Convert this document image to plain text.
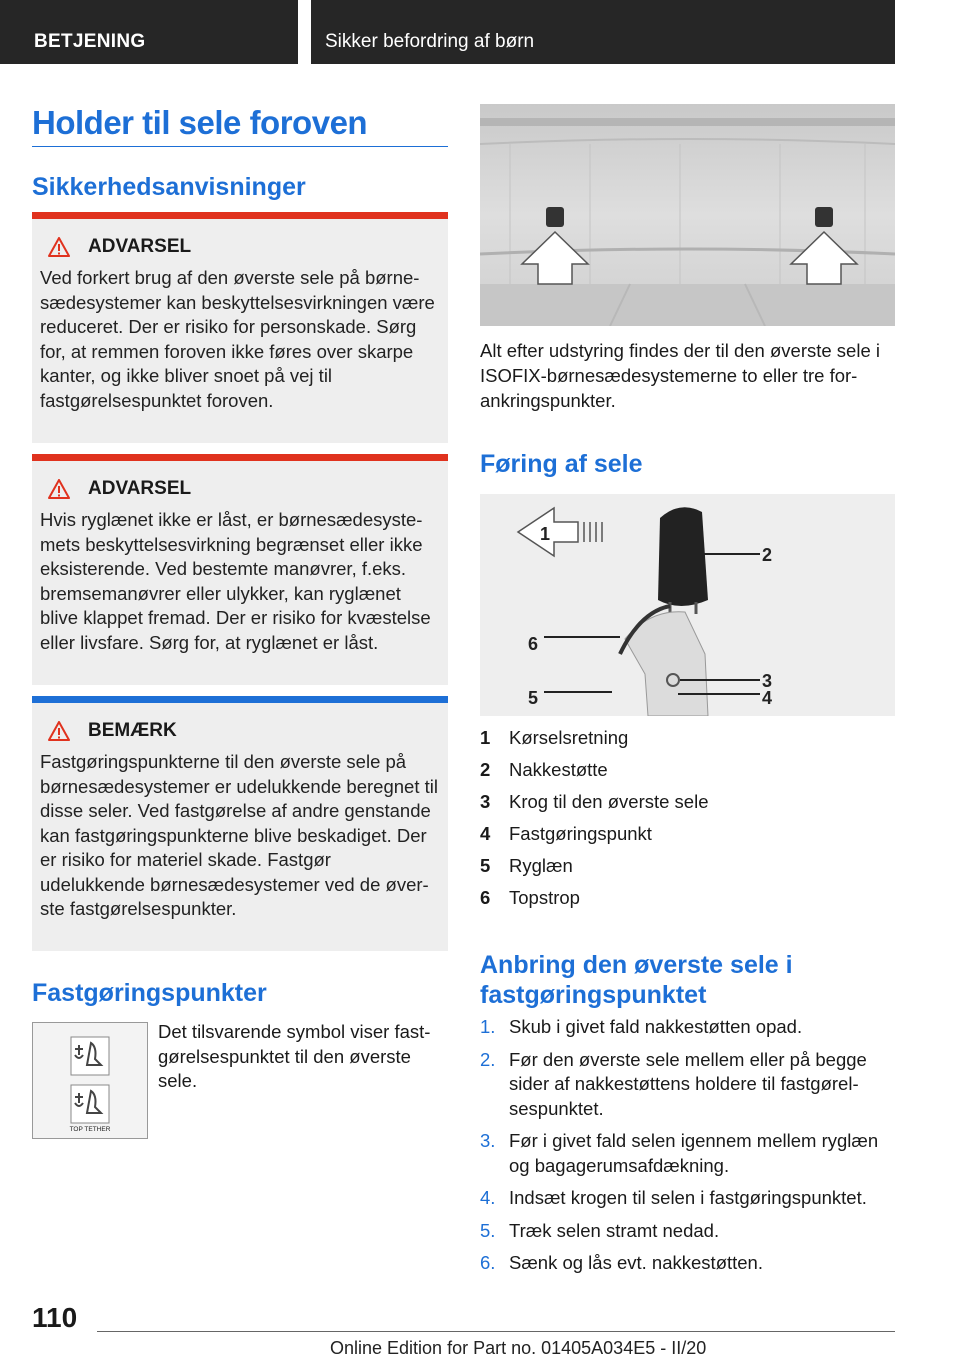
BETJENING	Sikker befordring af børn
Holder til sele foroven
Sikkerhedsanvisninger
ADVARSEL
Ved forkert brug af den øverste sele på børnesædesystemer kan beskyttelsesvirkningen være reduceret. Der er risiko for personskade. Sørg for, at remmen foroven ikke føres over skarpe kanter, og ikke bliver snoet på vej til fastgørelsespunktet foroven.
ADVARSEL
Hvis ryglænet ikke er låst, er børnesædesystemets beskyttelsesvirkning begrænset eller ikke eksisterende. Ved bestemte manøvrer, f.eks. bremsemanøvrer eller ulykker, kan ryglænet blive klappet fremad. Der er risiko for kvæstelse eller livsfare. Sørg for, at ryglænet er låst.
BEMÆRK
Fastgøringspunkterne til den øverste sele på børnesædesystemer er udelukkende beregnet til disse seler. Ved fastgørelse af andre genstande kan fastgøringspunkterne blive beskadiget. Der er risiko for materiel skade. Fastgør udelukkende børnesædesystemer ved de øverste fastgørelsespunkter.
Fastgøringspunkter
TOP TETHER
Det tilsvarende symbol viser fastgørelsespunktet til den øverste sele.
Alt efter udstyring findes der til den øverste sele i ISOFIX-børnesædesystemerne to eller tre forankringspunkter.
Føring af sele
1
2
3
4
5
6
1	Kørselsretning
2	Nakkestøtte
3	Krog til den øverste sele
4	Fastgøringspunkt
5	Ryglæn
6	Topstrop
Anbring den øverste sele i
fastgøringspunktet
1. Skub i givet fald nakkestøtten opad.
2. Før den øverste sele mellem eller på begge sider af nakkestøttens holdere til fastgørelsespunktet.
3. Før i givet fald selen igennem mellem ryglæn og bagagerumsafdækning.
4. Indsæt krogen til selen i fastgøringspunktet.
5. Træk selen stramt nedad.
6. Sænk og lås evt. nakkestøtten.
110
Online Edition for Part no. 01405A034E5 - II/20
